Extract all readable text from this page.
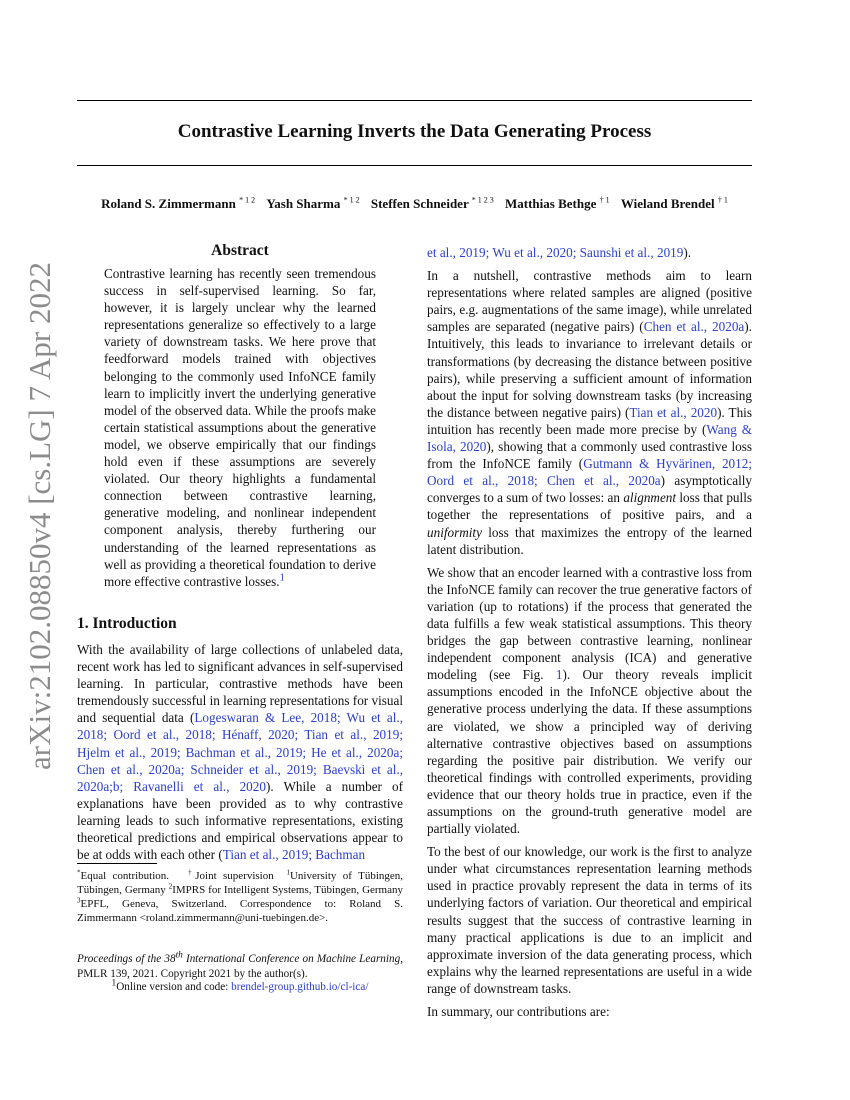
arXiv:2102.08850v4 [cs.LG] 7 Apr 2022
Contrastive Learning Inverts the Data Generating Process
Roland S. Zimmermann $^{* 1 2}$ Yash Sharma $^{* 1 2}$ Steffen Schneider $^{* 1 2 3}$ Matthias Bethge $^{\dagger 1}$ Wieland Brendel $^{\dagger 1}$
Abstract

Contrastive learning has recently seen tremendous success in self-supervised learning. So far, however, it is largely unclear why the learned representations generalize so effectively to a large variety of downstream tasks. We here prove that feedforward models trained with objectives belonging to the commonly used InfoNCE family learn to implicitly invert the underlying generative model of the observed data. While the proofs make certain statistical assumptions about the generative model, we observe empirically that our findings hold even if these assumptions are severely violated. Our theory highlights a fundamental connection between contrastive learning, generative modeling, and nonlinear independent component analysis, thereby furthering our understanding of the learned representations as well as providing a theoretical foundation to derive more effective contrastive losses.$^1$

1. Introduction

With the availability of large collections of unlabeled data, recent work has led to significant advances in self-supervised learning. In particular, contrastive methods have been tremendously successful in learning representations for visual and sequential data (Logeswaran & Lee, 2018; Wu et al., 2018; Oord et al., 2018; Hénaff, 2020; Tian et al., 2019; Hjelm et al., 2019; Bachman et al., 2019; He et al., 2020a; Chen et al., 2020a; Schneider et al., 2019; Baevski et al., 2020a;b; Ravanelli et al., 2020). While a number of explanations have been provided as to why contrastive learning leads to such informative representations, existing theoretical predictions and empirical observations appear to be at odds with each other (Tian et al., 2019; Bachman

*Equal contribution.	†Joint supervision $^1$University of Tübingen, Tübingen, Germany $^2$IMPRS for Intelligent Systems, Tübingen, Germany $^3$EPFL, Geneva, Switzerland. Correspondence to: Roland S. Zimmermann <roland.zimmermann@uni-tuebingen.de>.
Proceedings of the 38th International Conference on Machine Learning, PMLR 139, 2021. Copyright 2021 by the author(s).
$^1$Online version and code: brendel-group.github.io/cl-ica/

et al., 2019; Wu et al., 2020; Saunshi et al., 2019).

In a nutshell, contrastive methods aim to learn representations where related samples are aligned (positive pairs, e.g. augmentations of the same image), while unrelated samples are separated (negative pairs) (Chen et al., 2020a). Intuitively, this leads to invariance to irrelevant details or transformations (by decreasing the distance between positive pairs), while preserving a sufficient amount of information about the input for solving downstream tasks (by increasing the distance between negative pairs) (Tian et al., 2020). This intuition has recently been made more precise by (Wang & Isola, 2020), showing that a commonly used contrastive loss from the InfoNCE family (Gutmann & Hyvärinen, 2012; Oord et al., 2018; Chen et al., 2020a) asymptotically converges to a sum of two losses: an alignment loss that pulls together the representations of positive pairs, and a uniformity loss that maximizes the entropy of the learned latent distribution.

We show that an encoder learned with a contrastive loss from the InfoNCE family can recover the true generative factors of variation (up to rotations) if the process that generated the data fulfills a few weak statistical assumptions. This theory bridges the gap between contrastive learning, nonlinear independent component analysis (ICA) and generative modeling (see Fig. 1). Our theory reveals implicit assumptions encoded in the InfoNCE objective about the generative process underlying the data. If these assumptions are violated, we show a principled way of deriving alternative contrastive objectives based on assumptions regarding the positive pair distribution. We verify our theoretical findings with controlled experiments, providing evidence that our theory holds true in practice, even if the assumptions on the ground-truth generative model are partially violated.

To the best of our knowledge, our work is the first to analyze under what circumstances representation learning methods used in practice provably represent the data in terms of its underlying factors of variation. Our theoretical and empirical results suggest that the success of contrastive learning in many practical applications is due to an implicit and approximate inversion of the data generating process, which explains why the learned representations are useful in a wide range of downstream tasks.

In summary, our contributions are:
